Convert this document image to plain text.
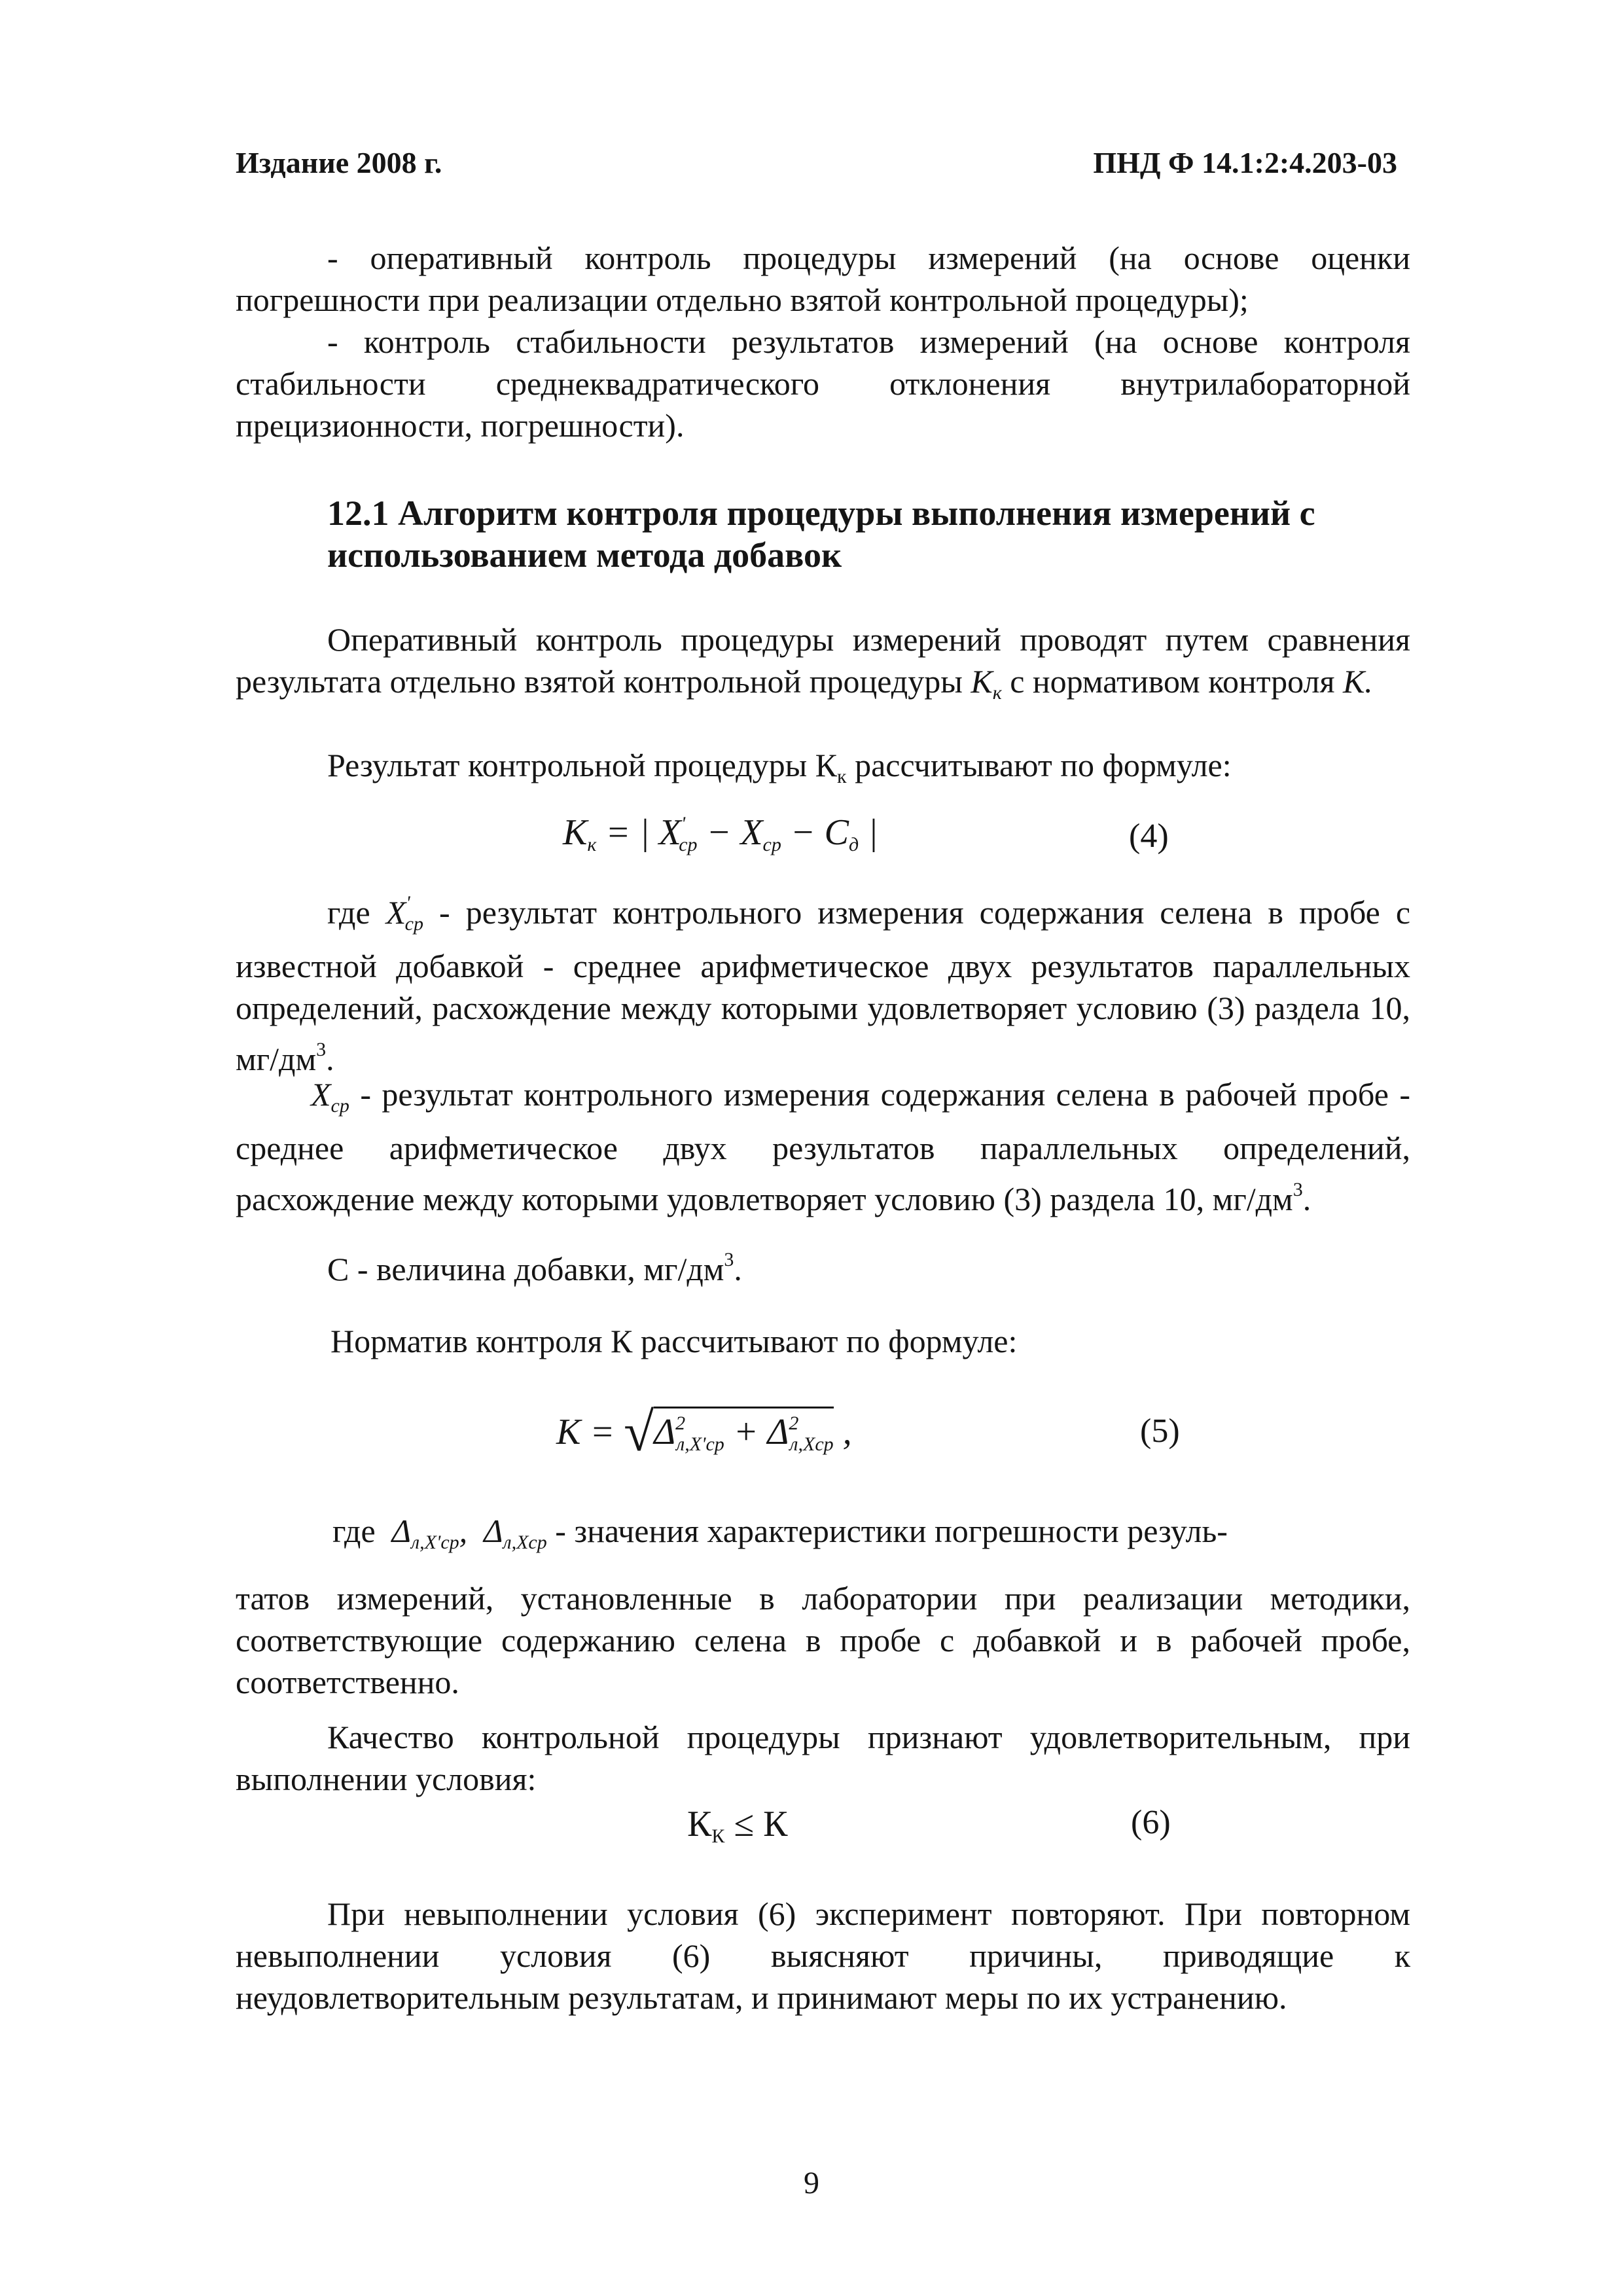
Издание 2008 г.	ПНД Ф 14.1:2:4.203-03
- оперативный контроль процедуры измерений (на основе оценки погрешности при реализации отдельно взятой контрольной процедуры);
- контроль стабильности результатов измерений (на основе контроля стабильности среднеквадратического отклонения внутрилабораторной прецизионности, погрешности).
12.1 Алгоритм контроля процедуры выполнения измерений с использованием метода добавок
Оперативный контроль процедуры измерений проводят путем сравнения результата отдельно взятой контрольной процедуры $K_к$ с нормативом контроля К.
Результат контрольной процедуры $К_к$ рассчитывают по формуле:
$K_к$ = | $X'_{ср} - X_{ср} - C_д$ |	(4)
где $X'_{ср}$ - результат контрольного измерения содержания селена в пробе с известной добавкой - среднее арифметическое двух результатов параллельных определений, расхождение между которыми удовлетворяет условию (3) раздела 10, $мг/дм^3$.
$X_{ср}$ - результат контрольного измерения содержания селена в рабочей пробе - среднее арифметическое двух результатов параллельных определений, расхождение между которыми удовлетворяет условию (3) раздела 10, $мг/дм^3$.
С - величина добавки, $мг/дм^3$.
Норматив контроля К рассчитывают по формуле:
$K = √\Delta^2_{л,X'ср} + \Delta^2_{л,Xср}$ ,	(5)
где  $\Delta_{л,X'ср}$,  $\Delta_{л,Xср}$ - значения характеристики погрешности резуль-
татов измерений, установленные в лаборатории при реализации методики, соответствующие содержанию селена в пробе с добавкой и в рабочей пробе, соответственно.
Качество контрольной процедуры признают удовлетворительным, при выполнении условия:
$К_К \le К$	(6)
При невыполнении условия (6) эксперимент повторяют. При повторном невыполнении условия (6) выясняют причины, приводящие к неудовлетворительным результатам, и принимают меры по их устранению.
9
